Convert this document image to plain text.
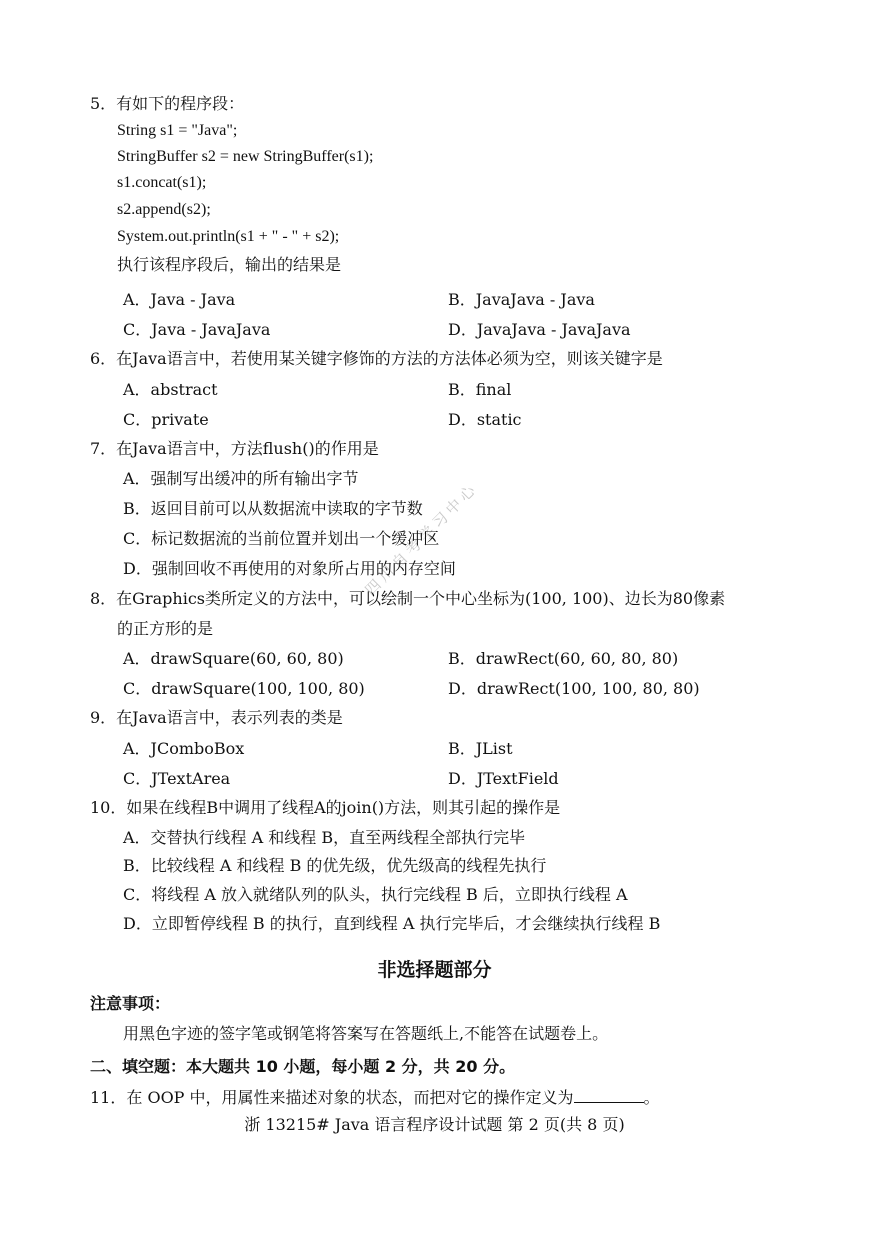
四川自考学习中心
5．有如下的程序段：
String s1 = "Java";
StringBuffer s2 = new StringBuffer(s1);
s1.concat(s1);
s2.append(s2);
System.out.println(s1 + " - " + s2);
执行该程序段后，输出的结果是
A．Java - Java	B．JavaJava - Java
C．Java - JavaJava	D．JavaJava - JavaJava
6．在Java语言中，若使用某关键字修饰的方法的方法体必须为空，则该关键字是
A．abstract	B．final
C．private	D．static
7．在Java语言中，方法flush()的作用是
A．强制写出缓冲的所有输出字节
B．返回目前可以从数据流中读取的字节数
C．标记数据流的当前位置并划出一个缓冲区
D．强制回收不再使用的对象所占用的内存空间
8．在Graphics类所定义的方法中，可以绘制一个中心坐标为(100, 100)、边长为80像素
的正方形的是
A．drawSquare(60, 60, 80)	B．drawRect(60, 60, 80, 80)
C．drawSquare(100, 100, 80)	D．drawRect(100, 100, 80, 80)
9．在Java语言中，表示列表的类是
A．JComboBox	B．JList
C．JTextArea	D．JTextField
10．如果在线程B中调用了线程A的join()方法，则其引起的操作是
A．交替执行线程 A 和线程 B，直至两线程全部执行完毕
B．比较线程 A 和线程 B 的优先级，优先级高的线程先执行
C．将线程 A 放入就绪队列的队头，执行完线程 B 后，立即执行线程 A
D．立即暂停线程 B 的执行，直到线程 A 执行完毕后，才会继续执行线程 B
非选择题部分
注意事项：
用黑色字迹的签字笔或钢笔将答案写在答题纸上,不能答在试题卷上。
二、填空题：本大题共 10 小题，每小题 2 分，共 20 分。
11．在 OOP 中，用属性来描述对象的状态，而把对它的操作定义为	。
浙 13215# Java 语言程序设计试题 第 2 页(共 8 页)
